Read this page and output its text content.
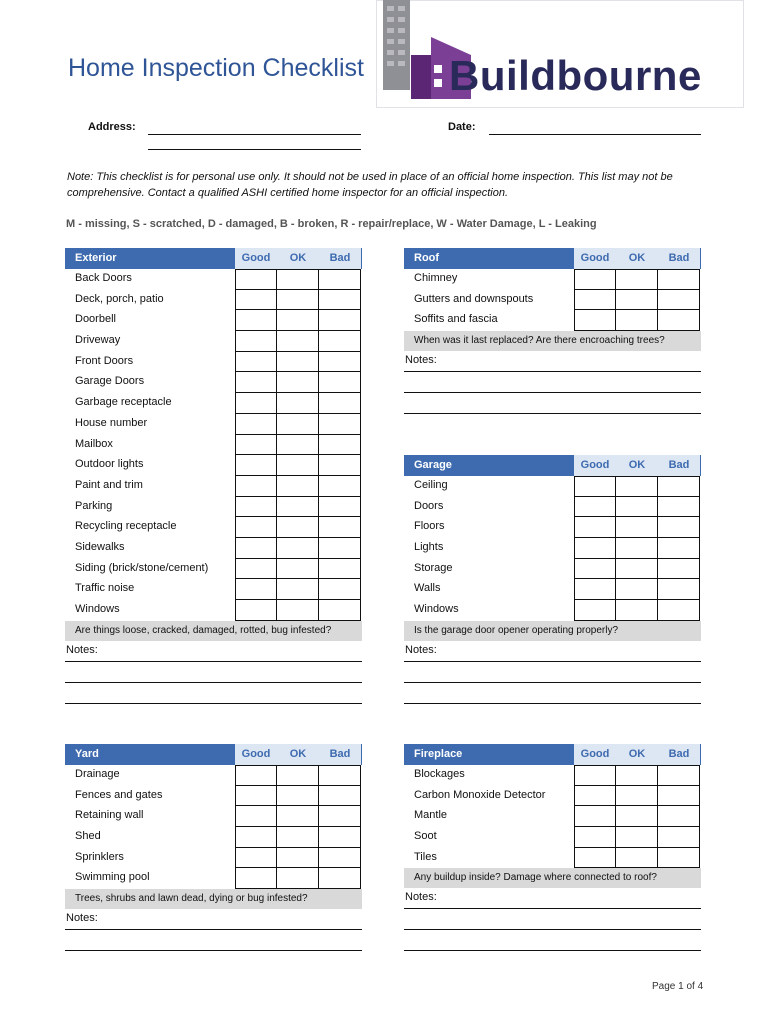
Home Inspection Checklist Buildbourne
Address:	Date:
Note: This checklist is for personal use only. It should not be used in place of an official home inspection. This list may not be comprehensive. Contact a qualified ASHI certified home inspector for an official inspection.
M - missing, S - scratched, D - damaged, B - broken, R - repair/replace, W - Water Damage, L - Leaking
Exterior	Good	OK	Bad
Back Doors
Deck, porch, patio
Doorbell
Driveway
Front Doors
Garage Doors
Garbage receptacle
House number
Mailbox
Outdoor lights
Paint and trim
Parking
Recycling receptacle
Sidewalks
Siding (brick/stone/cement)
Traffic noise
Windows
Are things loose, cracked, damaged, rotted, bug infested?
Notes:
Roof	Good	OK	Bad
Chimney
Gutters and downspouts
Soffits and fascia
When was it last replaced? Are there encroaching trees?
Notes:
Garage	Good	OK	Bad
Ceiling
Doors
Floors
Lights
Storage
Walls
Windows
Is the garage door opener operating properly?
Notes:
Yard	Good	OK	Bad
Drainage
Fences and gates
Retaining wall
Shed
Sprinklers
Swimming pool
Trees, shrubs and lawn dead, dying or bug infested?
Notes:
Fireplace	Good	OK	Bad
Blockages
Carbon Monoxide Detector
Mantle
Soot
Tiles
Any buildup inside? Damage where connected to roof?
Notes:
Page 1 of 4
